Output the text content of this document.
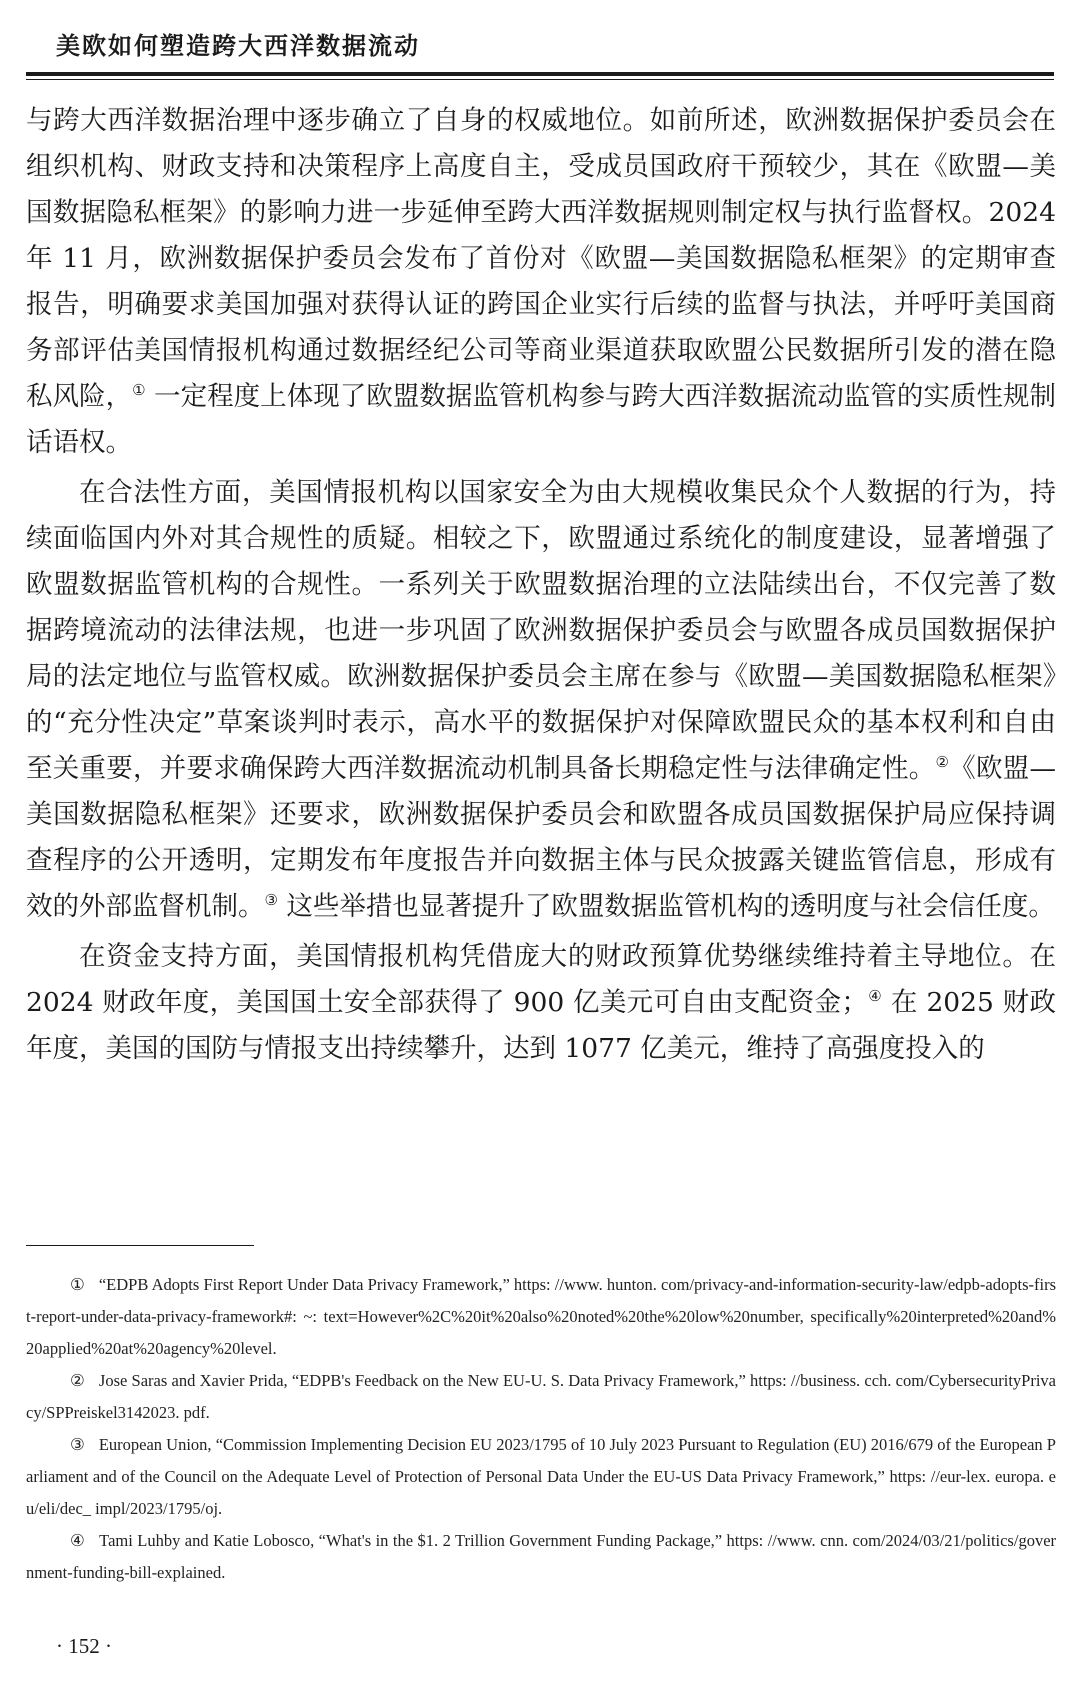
美欧如何塑造跨大西洋数据流动

与跨大西洋数据治理中逐步确立了自身的权威地位。如前所述，欧洲数据保护委员会在组织机构、财政支持和决策程序上高度自主，受成员国政府干预较少，其在《欧盟—美国数据隐私框架》的影响力进一步延伸至跨大西洋数据规则制定权与执行监督权。2024 年 11 月，欧洲数据保护委员会发布了首份对《欧盟—美国数据隐私框架》的定期审查报告，明确要求美国加强对获得认证的跨国企业实行后续的监督与执法，并呼吁美国商务部评估美国情报机构通过数据经纪公司等商业渠道获取欧盟公民数据所引发的潜在隐私风险，① 一定程度上体现了欧盟数据监管机构参与跨大西洋数据流动监管的实质性规制话语权。

在合法性方面，美国情报机构以国家安全为由大规模收集民众个人数据的行为，持续面临国内外对其合规性的质疑。相较之下，欧盟通过系统化的制度建设，显著增强了欧盟数据监管机构的合规性。一系列关于欧盟数据治理的立法陆续出台，不仅完善了数据跨境流动的法律法规，也进一步巩固了欧洲数据保护委员会与欧盟各成员国数据保护局的法定地位与监管权威。欧洲数据保护委员会主席在参与《欧盟—美国数据隐私框架》的“充分性决定”草案谈判时表示，高水平的数据保护对保障欧盟民众的基本权利和自由至关重要，并要求确保跨大西洋数据流动机制具备长期稳定性与法律确定性。②《欧盟—美国数据隐私框架》还要求，欧洲数据保护委员会和欧盟各成员国数据保护局应保持调查程序的公开透明，定期发布年度报告并向数据主体与民众披露关键监管信息，形成有效的外部监督机制。③ 这些举措也显著提升了欧盟数据监管机构的透明度与社会信任度。

在资金支持方面，美国情报机构凭借庞大的财政预算优势继续维持着主导地位。在 2024 财政年度，美国国土安全部获得了 900 亿美元可自由支配资金；④ 在 2025 财政年度，美国的国防与情报支出持续攀升，达到 1077 亿美元，维持了高强度投入的

① “EDPB Adopts First Report Under Data Privacy Framework,” https: //www. hunton. com/privacy-and-information-security-law/edpb-adopts-first-report-under-data-privacy-framework#: ~: text=However%2C%20it%20also%20noted%20the%20low%20number, specifically%20interpreted%20and%20applied%20at%20agency%20level.

② Jose Saras and Xavier Prida, “EDPB's Feedback on the New EU-U. S. Data Privacy Framework,” https: //business. cch. com/CybersecurityPrivacy/SPPreiskel3142023. pdf.

③ European Union, “Commission Implementing Decision EU 2023/1795 of 10 July 2023 Pursuant to Regulation (EU) 2016/679 of the European Parliament and of the Council on the Adequate Level of Protection of Personal Data Under the EU-US Data Privacy Framework,” https: //eur-lex. europa. eu/eli/dec_ impl/2023/1795/oj.

④ Tami Luhby and Katie Lobosco, “What's in the $1. 2 Trillion Government Funding Package,” https: //www. cnn. com/2024/03/21/politics/government-funding-bill-explained.

· 152 ·
